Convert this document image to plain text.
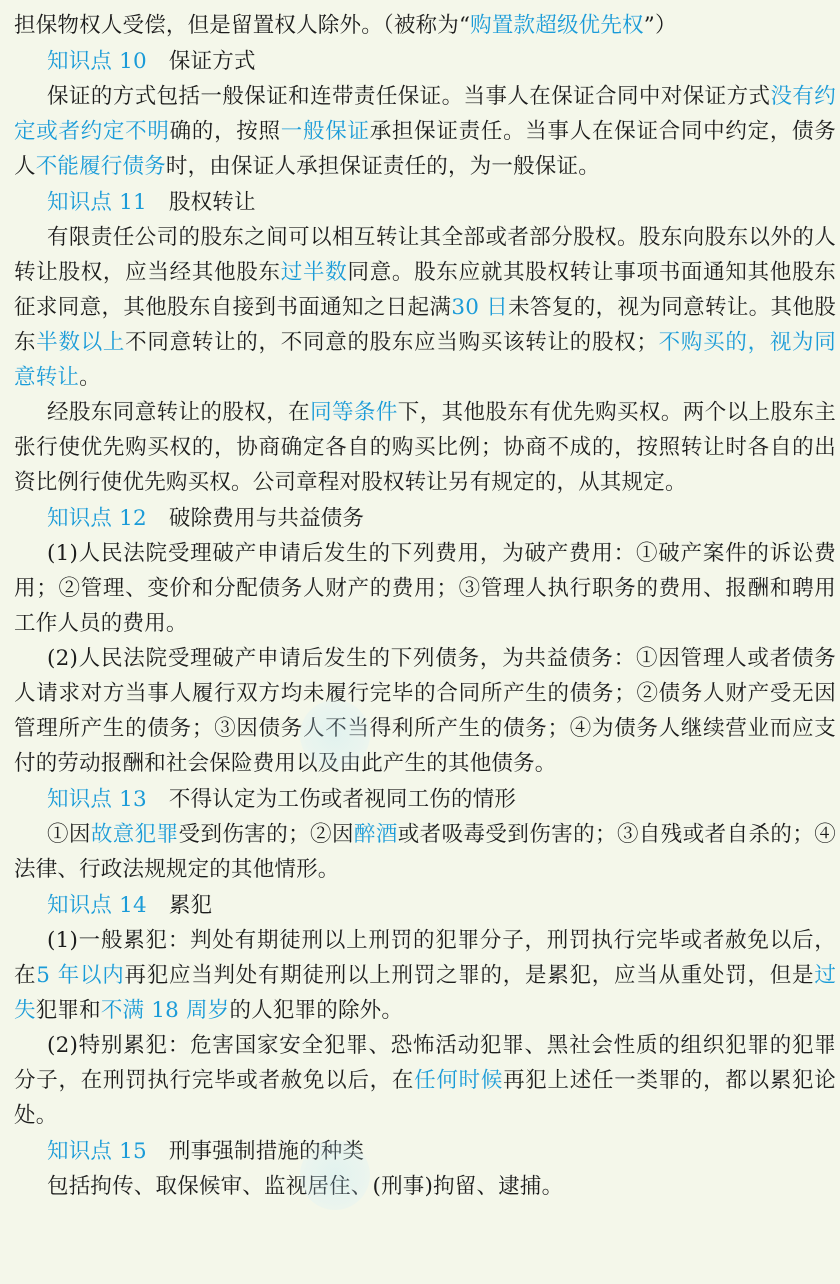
担保物权人受偿，但是留置权人除外。（被称为“购置款超级优先权”）

知识点 10 保证方式

保证的方式包括一般保证和连带责任保证。当事人在保证合同中对保证方式没有约定或者约定不明确的，按照一般保证承担保证责任。当事人在保证合同中约定，债务人不能履行债务时，由保证人承担保证责任的，为一般保证。

知识点 11 股权转让

有限责任公司的股东之间可以相互转让其全部或者部分股权。股东向股东以外的人转让股权，应当经其他股东过半数同意。股东应就其股权转让事项书面通知其他股东征求同意，其他股东自接到书面通知之日起满30 日未答复的，视为同意转让。其他股东半数以上不同意转让的，不同意的股东应当购买该转让的股权；不购买的，视为同意转让。

经股东同意转让的股权，在同等条件下，其他股东有优先购买权。两个以上股东主张行使优先购买权的，协商确定各自的购买比例；协商不成的，按照转让时各自的出资比例行使优先购买权。公司章程对股权转让另有规定的，从其规定。

知识点 12 破除费用与共益债务

(1)人民法院受理破产申请后发生的下列费用，为破产费用：①破产案件的诉讼费用；②管理、变价和分配债务人财产的费用；③管理人执行职务的费用、报酬和聘用工作人员的费用。

(2)人民法院受理破产申请后发生的下列债务，为共益债务：①因管理人或者债务人请求对方当事人履行双方均未履行完毕的合同所产生的债务；②债务人财产受无因管理所产生的债务；③因债务人不当得利所产生的债务；④为债务人继续营业而应支付的劳动报酬和社会保险费用以及由此产生的其他债务。

知识点 13 不得认定为工伤或者视同工伤的情形

①因故意犯罪受到伤害的；②因醉酒或者吸毒受到伤害的；③自残或者自杀的；④法律、行政法规规定的其他情形。

知识点 14 累犯

(1)一般累犯：判处有期徒刑以上刑罚的犯罪分子，刑罚执行完毕或者赦免以后，在5 年以内再犯应当判处有期徒刑以上刑罚之罪的，是累犯，应当从重处罚，但是过失犯罪和不满 18 周岁的人犯罪的除外。

(2)特别累犯：危害国家安全犯罪、恐怖活动犯罪、黑社会性质的组织犯罪的犯罪分子，在刑罚执行完毕或者赦免以后，在任何时候再犯上述任一类罪的，都以累犯论处。

知识点 15 刑事强制措施的种类

包括拘传、取保候审、监视居住、(刑事)拘留、逮捕。
